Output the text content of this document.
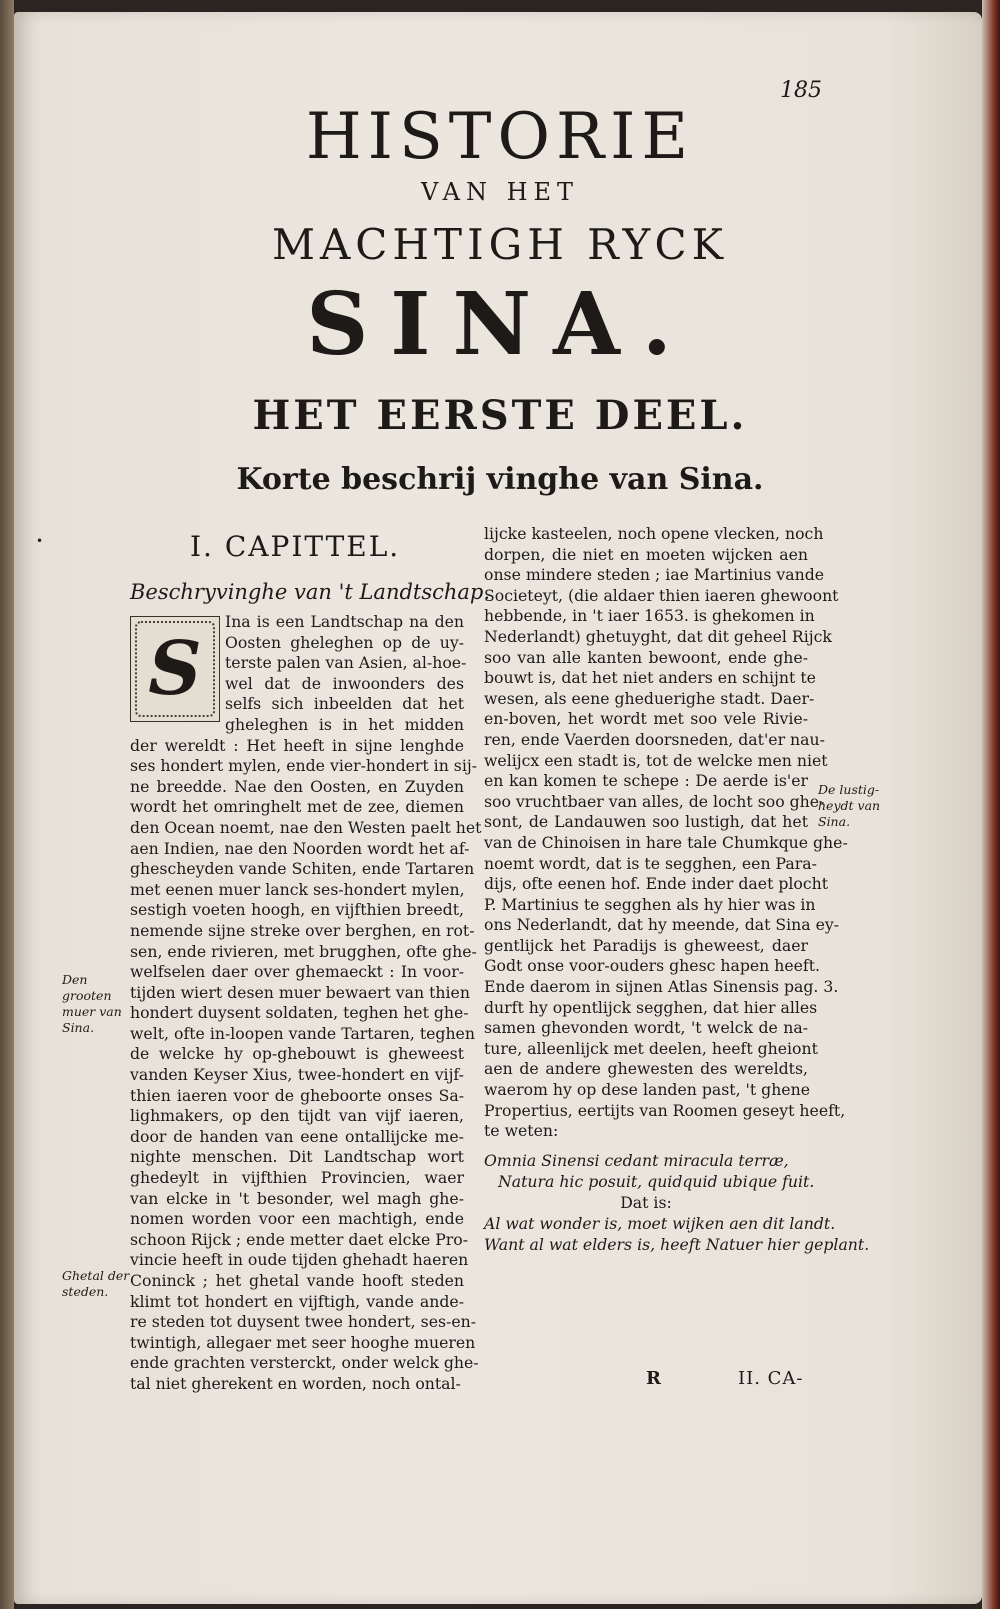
•
185
HISTORIE
VAN HET
MACHTIGH RYCK
SINA.
HET EERSTE DEEL.
Korte beschrij vinghe van Sina.
I. CAPITTEL.
Beschryvinghe van 't Landtschap.
S
Ina is een Landtschap na den
Oosten gheleghen op de uy-
terste palen van Asien, al-hoe-
wel dat de inwoonders des
selfs sich inbeelden dat het
gheleghen is in het midden
der wereldt : Het heeft in sijne lenghde
ses hondert mylen, ende vier-hondert in sij-
ne breedde. Nae den Oosten, en Zuyden
wordt het omringhelt met de zee, diemen
den Ocean noemt, nae den Westen paelt het
aen Indien, nae den Noorden wordt het af-
ghescheyden vande Schiten, ende Tartaren
met eenen muer lanck ses-hondert mylen,
sestigh voeten hoogh, en vijfthien breedt,
nemende sijne streke over berghen, en rot-
sen, ende rivieren, met brugghen, ofte ghe-
welfselen daer over ghemaeckt : In voor-
tijden wiert desen muer bewaert van thien
hondert duysent soldaten, teghen het ghe-
welt, ofte in-loopen vande Tartaren, teghen
de welcke hy op-ghebouwt is gheweest
vanden Keyser Xius, twee-hondert en vijf-
thien iaeren voor de gheboorte onses Sa-
lighmakers, op den tijdt van vijf iaeren,
door de handen van eene ontallijcke me-
nighte menschen. Dit Landtschap wort
ghedeylt in vijfthien Provincien, waer
van elcke in 't besonder, wel magh ghe-
nomen worden voor een machtigh, ende
schoon Rijck ; ende metter daet elcke Pro-
vincie heeft in oude tijden ghehadt haeren
Coninck ; het ghetal vande hooft steden
klimt tot hondert en vijftigh, vande ande-
re steden tot duysent twee hondert, ses-en-
twintigh, allegaer met seer hooghe mueren
ende grachten versterckt, onder welck ghe-
tal niet gherekent en worden, noch ontal-
lijcke kasteelen, noch opene vlecken, noch
dorpen, die niet en moeten wijcken aen
onse mindere steden ; iae Martinius vande
Societeyt, (die aldaer thien iaeren ghewoont
hebbende, in 't iaer 1653. is ghekomen in
Nederlandt) ghetuyght, dat dit geheel Rijck
soo van alle kanten bewoont, ende ghe-
bouwt is, dat het niet anders en schijnt te
wesen, als eene gheduerighe stadt. Daer-
en-boven, het wordt met soo vele Rivie-
ren, ende Vaerden doorsneden, dat'er nau-
welijcx een stadt is, tot de welcke men niet
en kan komen te schepe : De aerde is'er
soo vruchtbaer van alles, de locht soo ghe-
sont, de Landauwen soo lustigh, dat het
van de Chinoisen in hare tale Chumkque ghe-
noemt wordt, dat is te segghen, een Para-
dijs, ofte eenen hof. Ende inder daet plocht
P. Martinius te segghen als hy hier was in
ons Nederlandt, dat hy meende, dat Sina ey-
gentlijck het Paradijs is gheweest, daer
Godt onse voor-ouders ghesc hapen heeft.
Ende daerom in sijnen Atlas Sinensis pag. 3.
durft hy opentlijck segghen, dat hier alles
samen ghevonden wordt, 't welck de na-
ture, alleenlijck met deelen, heeft gheiont
aen de andere ghewesten des wereldts,
waerom hy op dese landen past, 't ghene
Propertius, eertijts van Roomen geseyt heeft,
te weten:
Omnia Sinensi cedant miracula terræ,
Natura hic posuit, quidquid ubique fuit.
Dat is:
Al wat wonder is, moet wijken aen dit landt.
Want al wat elders is, heeft Natuer hier geplant.
Den grooten
muer van
Sina.
Ghetal der
steden.
De lustig-
heydt van
Sina.
R	II. CA-
